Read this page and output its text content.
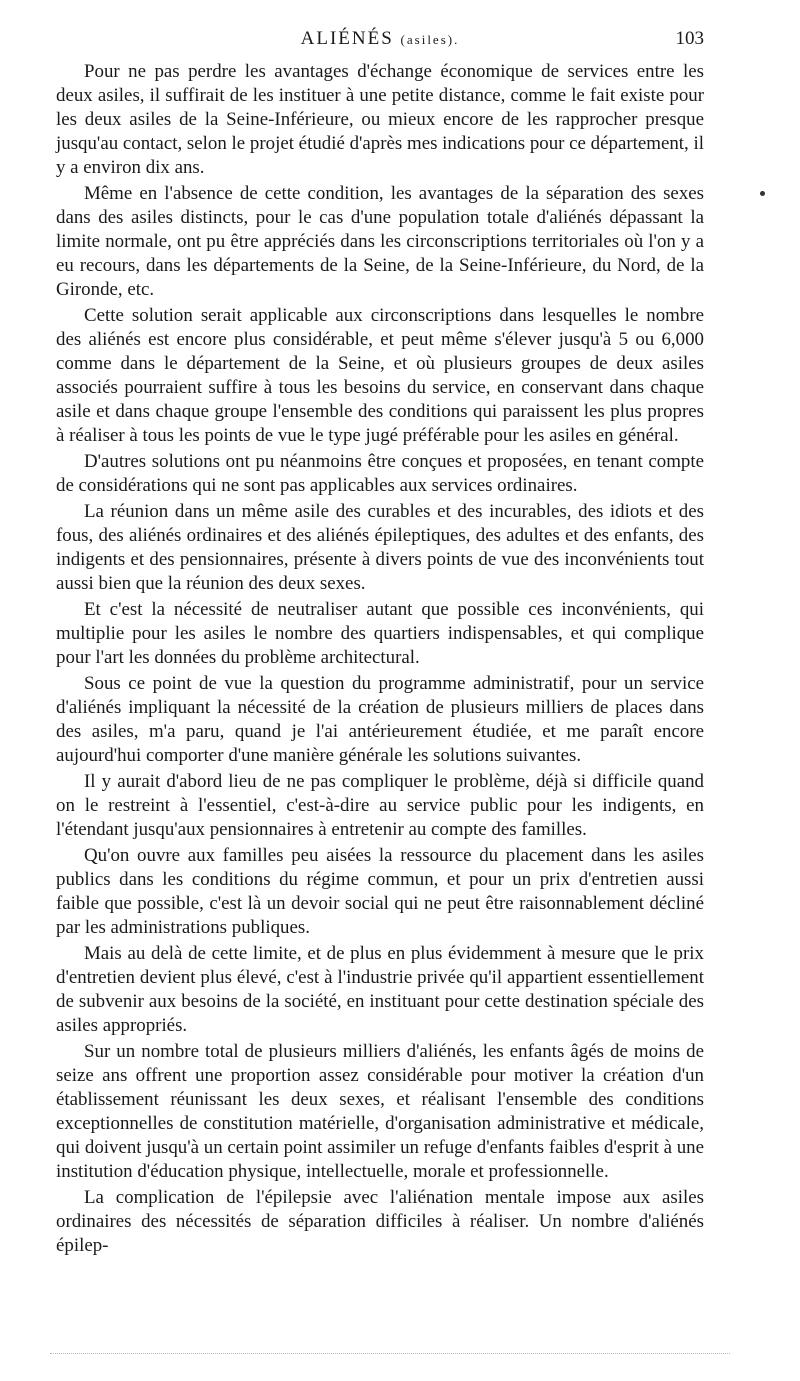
ALIÉNÉS (asiles).	103

Pour ne pas perdre les avantages d'échange économique de services entre les deux asiles, il suffirait de les instituer à une petite distance, comme le fait existe pour les deux asiles de la Seine-Inférieure, ou mieux encore de les rapprocher presque jusqu'au contact, selon le projet étudié d'après mes indications pour ce département, il y a environ dix ans.

Même en l'absence de cette condition, les avantages de la séparation des sexes dans des asiles distincts, pour le cas d'une population totale d'aliénés dépassant la limite normale, ont pu être appréciés dans les circonscriptions territoriales où l'on y a eu recours, dans les départements de la Seine, de la Seine-Inférieure, du Nord, de la Gironde, etc.

Cette solution serait applicable aux circonscriptions dans lesquelles le nombre des aliénés est encore plus considérable, et peut même s'élever jusqu'à 5 ou 6,000 comme dans le département de la Seine, et où plusieurs groupes de deux asiles associés pourraient suffire à tous les besoins du service, en conservant dans chaque asile et dans chaque groupe l'ensemble des conditions qui paraissent les plus propres à réaliser à tous les points de vue le type jugé préférable pour les asiles en général.

D'autres solutions ont pu néanmoins être conçues et proposées, en tenant compte de considérations qui ne sont pas applicables aux services ordinaires.

La réunion dans un même asile des curables et des incurables, des idiots et des fous, des aliénés ordinaires et des aliénés épileptiques, des adultes et des enfants, des indigents et des pensionnaires, présente à divers points de vue des inconvénients tout aussi bien que la réunion des deux sexes.

Et c'est la nécessité de neutraliser autant que possible ces inconvénients, qui multiplie pour les asiles le nombre des quartiers indispensables, et qui complique pour l'art les données du problème architectural.

Sous ce point de vue la question du programme administratif, pour un service d'aliénés impliquant la nécessité de la création de plusieurs milliers de places dans des asiles, m'a paru, quand je l'ai antérieurement étudiée, et me paraît encore aujourd'hui comporter d'une manière générale les solutions suivantes.

Il y aurait d'abord lieu de ne pas compliquer le problème, déjà si difficile quand on le restreint à l'essentiel, c'est-à-dire au service public pour les indigents, en l'étendant jusqu'aux pensionnaires à entretenir au compte des familles.

Qu'on ouvre aux familles peu aisées la ressource du placement dans les asiles publics dans les conditions du régime commun, et pour un prix d'entretien aussi faible que possible, c'est là un devoir social qui ne peut être raisonnablement décliné par les administrations publiques.

Mais au delà de cette limite, et de plus en plus évidemment à mesure que le prix d'entretien devient plus élevé, c'est à l'industrie privée qu'il appartient essentiellement de subvenir aux besoins de la société, en instituant pour cette destination spéciale des asiles appropriés.

Sur un nombre total de plusieurs milliers d'aliénés, les enfants âgés de moins de seize ans offrent une proportion assez considérable pour motiver la création d'un établissement réunissant les deux sexes, et réalisant l'ensemble des conditions exceptionnelles de constitution matérielle, d'organisation administrative et médicale, qui doivent jusqu'à un certain point assimiler un refuge d'enfants faibles d'esprit à une institution d'éducation physique, intellectuelle, morale et professionnelle.

La complication de l'épilepsie avec l'aliénation mentale impose aux asiles ordinaires des nécessités de séparation difficiles à réaliser. Un nombre d'aliénés épilep-
